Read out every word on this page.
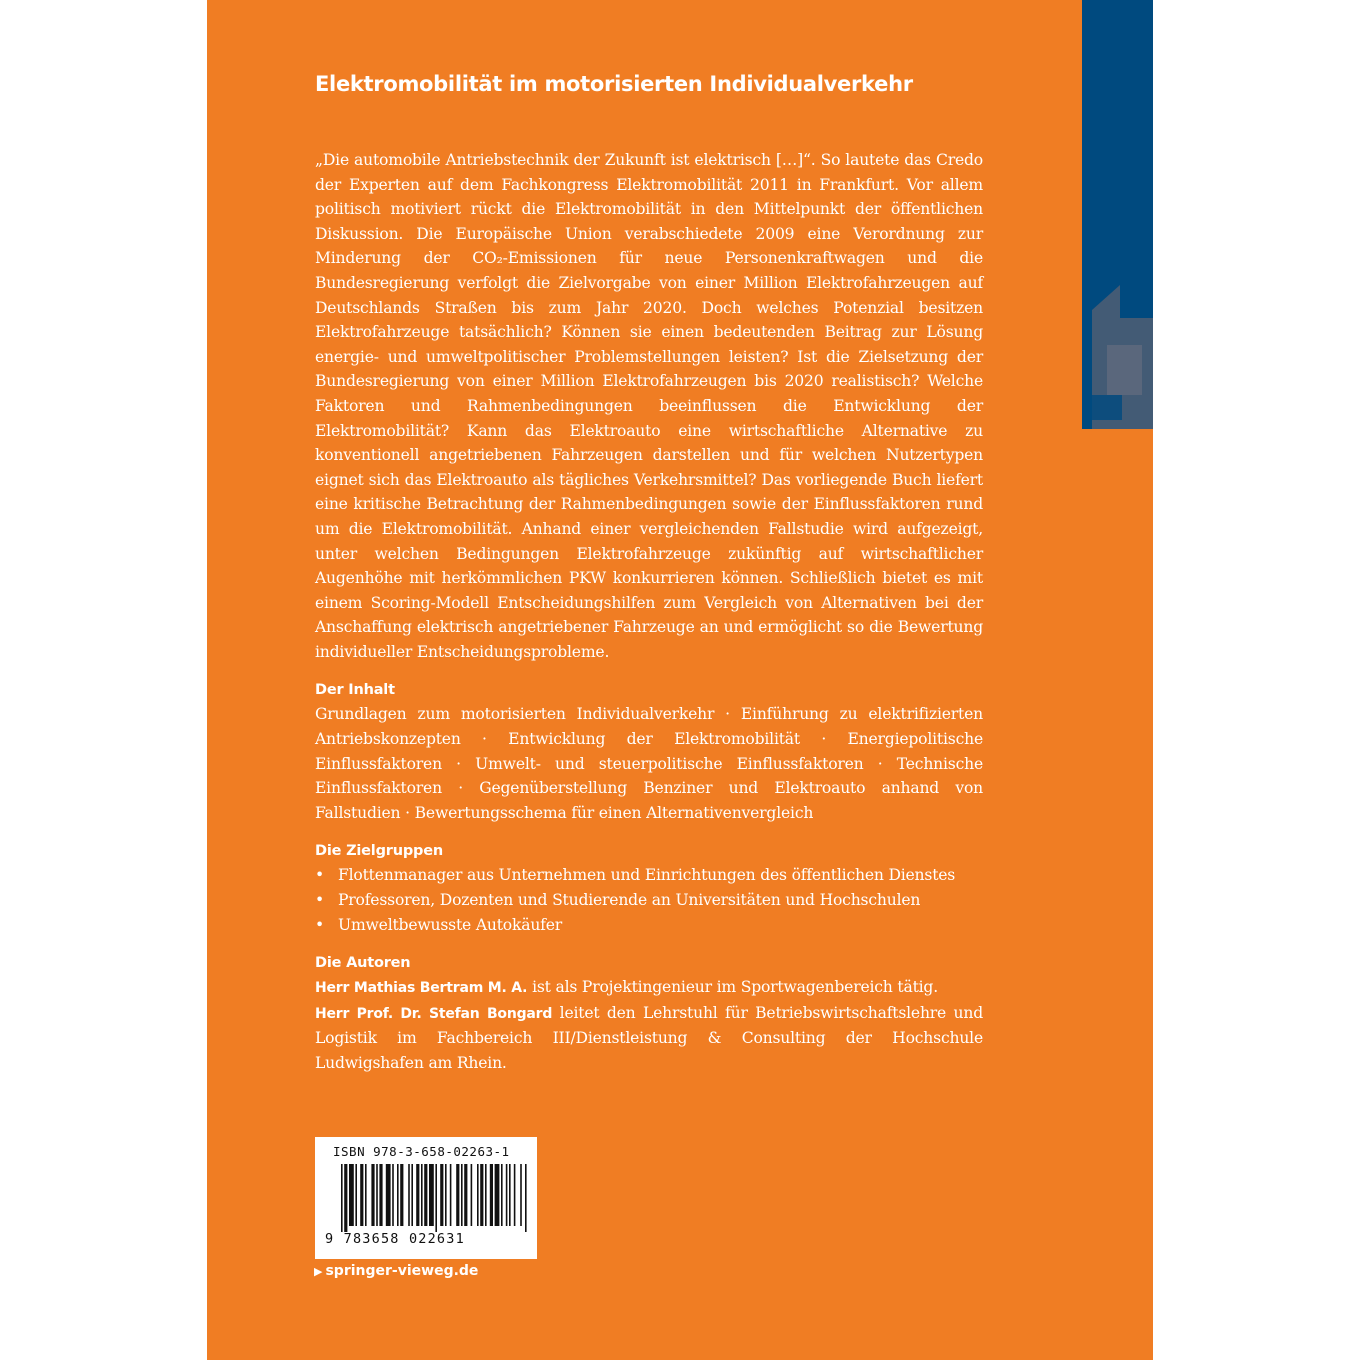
Elektromobilität im motorisierten Individualverkehr

„Die automobile Antriebstechnik der Zukunft ist elektrisch […]“. So lautete das Credo der Experten auf dem Fachkongress Elektromobilität 2011 in Frankfurt. Vor allem politisch motiviert rückt die Elektromobilität in den Mittelpunkt der öffentlichen Diskussion. Die Europäische Union verabschiedete 2009 eine Verordnung zur Minderung der CO₂-Emissionen für neue Personenkraftwagen und die Bundesregierung verfolgt die Zielvorgabe von einer Million Elektrofahrzeugen auf Deutschlands Straßen bis zum Jahr 2020. Doch welches Potenzial besitzen Elektrofahrzeuge tatsächlich? Können sie einen bedeutenden Beitrag zur Lösung energie- und umweltpolitischer Problemstellungen leisten? Ist die Zielsetzung der Bundesregierung von einer Million Elektrofahrzeugen bis 2020 realistisch? Welche Faktoren und Rahmenbedingungen beeinflussen die Entwicklung der Elektromobilität? Kann das Elektroauto eine wirtschaftliche Alternative zu konventionell angetriebenen Fahrzeugen darstellen und für welchen Nutzertypen eignet sich das Elektroauto als tägliches Verkehrsmittel? Das vorliegende Buch liefert eine kritische Betrachtung der Rahmenbedingungen sowie der Einflussfaktoren rund um die Elektromobilität. Anhand einer vergleichenden Fallstudie wird aufgezeigt, unter welchen Bedingungen Elektrofahrzeuge zukünftig auf wirtschaftlicher Augenhöhe mit herkömmlichen PKW konkurrieren können. Schließlich bietet es mit einem Scoring-Modell Entscheidungshilfen zum Vergleich von Alternativen bei der Anschaffung elektrisch angetriebener Fahrzeuge an und ermöglicht so die Bewertung individueller Entscheidungsprobleme.

Der Inhalt

Grundlagen zum motorisierten Individualverkehr · Einführung zu elektrifizierten Antriebskonzepten · Entwicklung der Elektromobilität · Energiepolitische Einflussfaktoren · Umwelt- und steuerpolitische Einflussfaktoren · Technische Einflussfaktoren · Gegenüberstellung Benziner und Elektroauto anhand von Fallstudien · Bewertungsschema für einen Alternativenvergleich

Die Zielgruppen
• Flottenmanager aus Unternehmen und Einrichtungen des öffentlichen Dienstes
• Professoren, Dozenten und Studierende an Universitäten und Hochschulen
• Umweltbewusste Autokäufer
Die Autoren

Herr Mathias Bertram M. A. ist als Projektingenieur im Sportwagenbereich tätig.

Herr Prof. Dr. Stefan Bongard leitet den Lehrstuhl für Betriebswirtschaftslehre und Logistik im Fachbereich III/Dienstleistung & Consulting der Hochschule Ludwigshafen am Rhein.

ISBN 978-3-658-02263-1
9 783658 022631
▶ springer-vieweg.de
